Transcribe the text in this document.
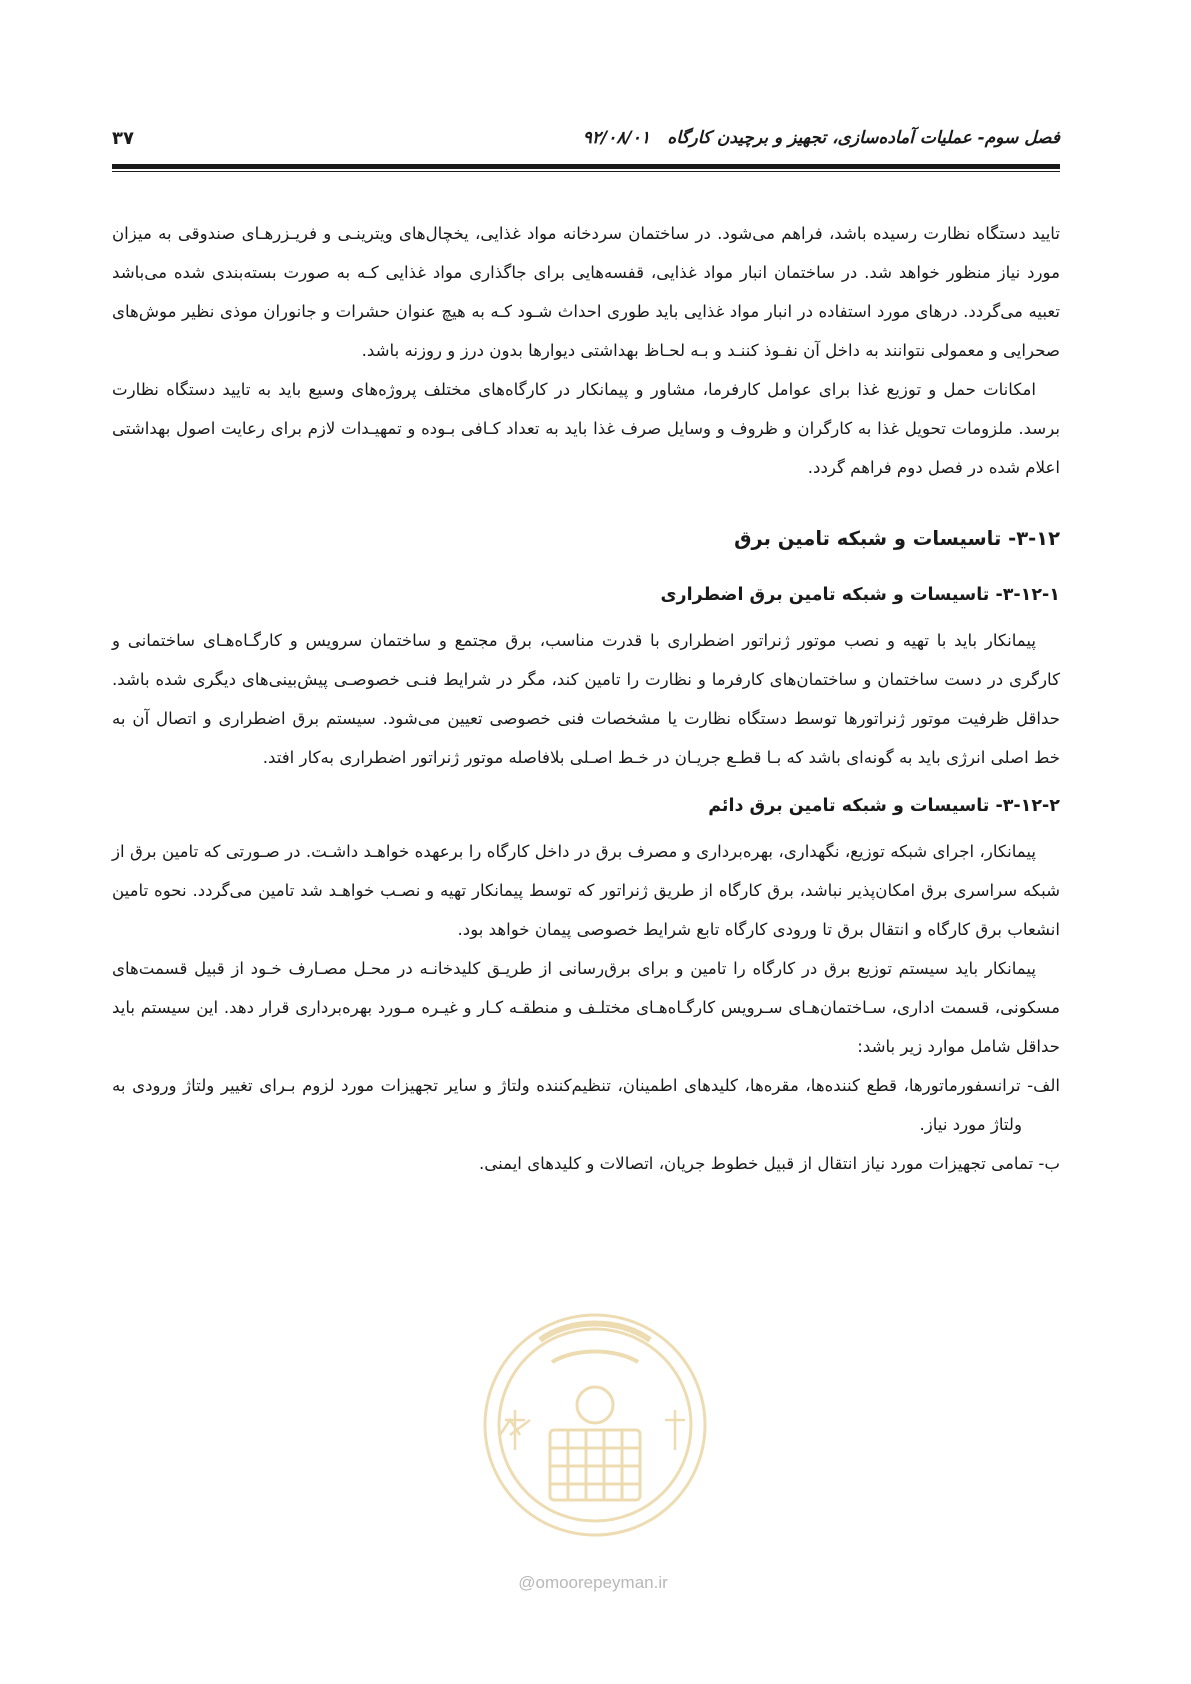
فصل سوم- عملیات آماده‌سازی، تجهیز و برچیدن کارگاه
۹۲/۰۸/۰۱
۳۷

تایید دستگاه نظارت رسیده باشد، فراهم می‌شود. در ساختمان سردخانه مواد غذایی، یخچال‌های ویترینـی و فریـزرهـای صندوقی به میزان مورد نیاز منظور خواهد شد. در ساختمان انبار مواد غذایی، قفسه‌هایی برای جاگذاری مواد غذایی کـه به صورت بسته‌بندی شده می‌باشد تعبیه می‌گردد. درهای مورد استفاده در انبار مواد غذایی باید طوری احداث شـود کـه به هیچ عنوان حشرات و جانوران موذی نظیر موش‌های صحرایی و معمولی نتوانند به داخل آن نفـوذ کننـد و بـه لحـاظ بهداشتی دیوارها بدون درز و روزنه باشد.

امکانات حمل و توزیع غذا برای عوامل کارفرما، مشاور و پیمانکار در کارگاه‌های مختلف پروژه‌های وسیع باید به تایید دستگاه نظارت برسد. ملزومات تحویل غذا به کارگران و ظروف و وسایل صرف غذا باید به تعداد کـافی بـوده و تمهیـدات لازم برای رعایت اصول بهداشتی اعلام شده در فصل دوم فراهم گردد.

۳-۱۲- تاسیسات و شبکه تامین برق
۳-۱۲-۱- تاسیسات و شبکه تامین برق اضطراری

پیمانکار باید با تهیه و نصب موتور ژنراتور اضطراری با قدرت مناسب، برق مجتمع و ساختمان سرویس و کارگـاه‌هـای ساختمانی و کارگری در دست ساختمان و ساختمان‌های کارفرما و نظارت را تامین کند، مگر در شرایط فنـی خصوصـی پیش‌بینی‌های دیگری شده باشد. حداقل ظرفیت موتور ژنراتورها توسط دستگاه نظارت یا مشخصات فنی خصوصی تعیین می‌شود. سیستم برق اضطراری و اتصال آن به خط اصلی انرژی باید به گونه‌ای باشد که بـا قطـع جریـان در خـط اصـلی بلافاصله موتور ژنراتور اضطراری به‌کار افتد.

۳-۱۲-۲- تاسیسات و شبکه تامین برق دائم

پیمانکار، اجرای شبکه توزیع، نگهداری، بهره‌برداری و مصرف برق در داخل کارگاه را برعهده خواهـد داشـت. در صـورتی که تامین برق از شبکه سراسری برق امکان‌پذیر نباشد، برق کارگاه از طریق ژنراتور که توسط پیمانکار تهیه و نصـب خواهـد شد تامین می‌گردد. نحوه تامین انشعاب برق کارگاه و انتقال برق تا ورودی کارگاه تابع شرایط خصوصی پیمان خواهد بود.

پیمانکار باید سیستم توزیع برق در کارگاه را تامین و برای برق‌رسانی از طریـق کلیدخانـه در محـل مصـارف خـود از قبیل قسمت‌های مسکونی، قسمت اداری، سـاختمان‌هـای سـرویس کارگـاه‌هـای مختلـف و منطقـه کـار و غیـره مـورد بهره‌برداری قرار دهد. این سیستم باید حداقل شامل موارد زیر باشد:

الف- ترانسفورماتورها، قطع کننده‌ها، مقره‌ها، کلیدهای اطمینان، تنظیم‌کننده ولتاژ و سایر تجهیزات مورد لزوم بـرای تغییر ولتاژ ورودی به ولتاژ مورد نیاز.

ب- تمامی تجهیزات مورد نیاز انتقال از قبیل خطوط جریان، اتصالات و کلیدهای ایمنی.

@omoorepeyman.ir
